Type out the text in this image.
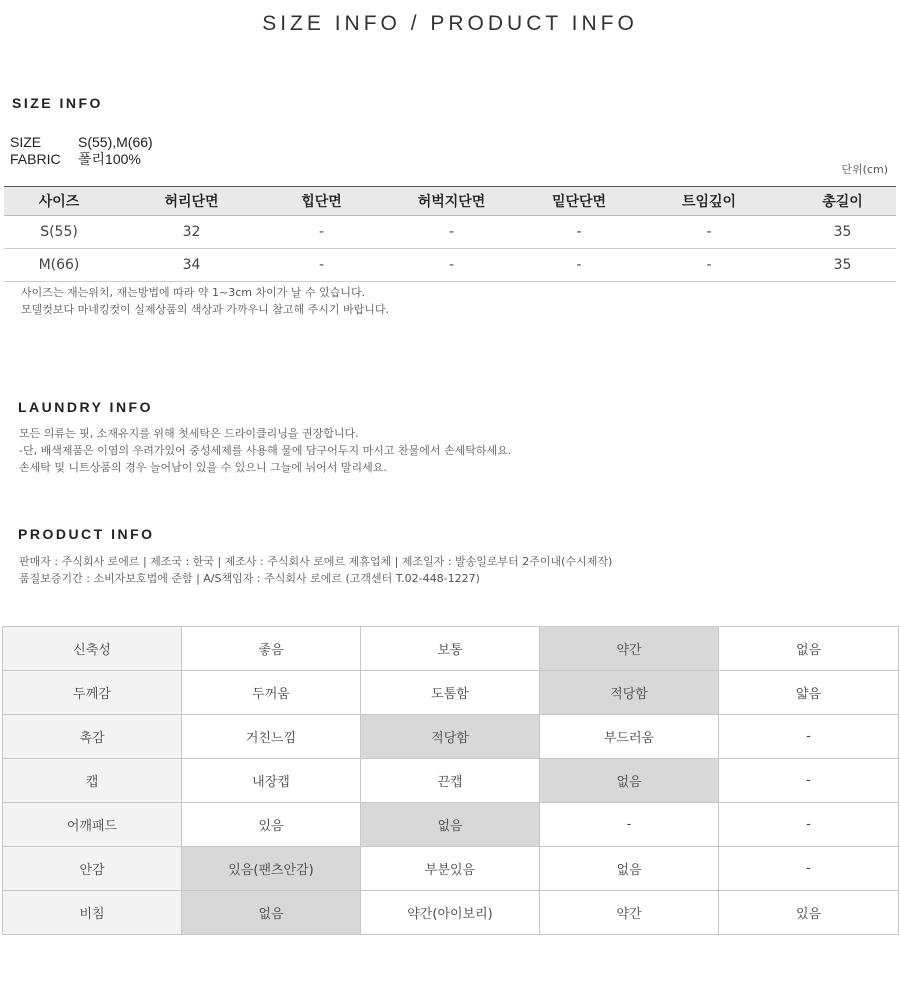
SIZE INFO / PRODUCT INFO
SIZE INFO
SIZE	S(55),M(66)
FABRIC 폴리100%
단위(cm)
사이즈	허리단면	힙단면	허벅지단면	밑단단면	트임깊이	총길이
S(55)	32	-	-	-	-	35
M(66)	34	-	-	-	-	35
사이즈는 재는위치, 재는방법에 따라 약 1~3cm 차이가 날 수 있습니다.
모델컷보다 마네킹컷이 실제상품의 색상과 가까우니 참고해 주시기 바랍니다.
LAUNDRY INFO
모든 의류는 핏, 소재유지를 위해 첫세탁은 드라이클리닝을 권장합니다.
-단, 배색제품은 이염의 우려가있어 중성세제를 사용해 물에 담구어두지 마시고 찬물에서 손세탁하세요.
손세탁 및 니트상품의 경우 늘어남이 있을 수 있으니 그늘에 뉘어서 말리세요.
PRODUCT INFO
판매자 : 주식회사 로에르 | 제조국 : 한국 | 제조사 : 주식회사 로에르 제휴업체 | 제조일자 : 발송일로부터 2주이내(수시제작)
품질보증기간 : 소비자보호법에 준함 | A/S책임자 : 주식회사 로에르 (고객센터 T.02-448-1227)
신축성	좋음	보통	약간	없음
두께감	두꺼움	도톰함	적당함	얇음
촉감	거친느낌	적당함	부드러움	-
캡	내장캡	끈캡	없음	-
어깨패드	있음	없음	-	-
안감	있음(팬츠안감)	부분있음	없음	-
비침	없음	약간(아이보리)	약간	있음
